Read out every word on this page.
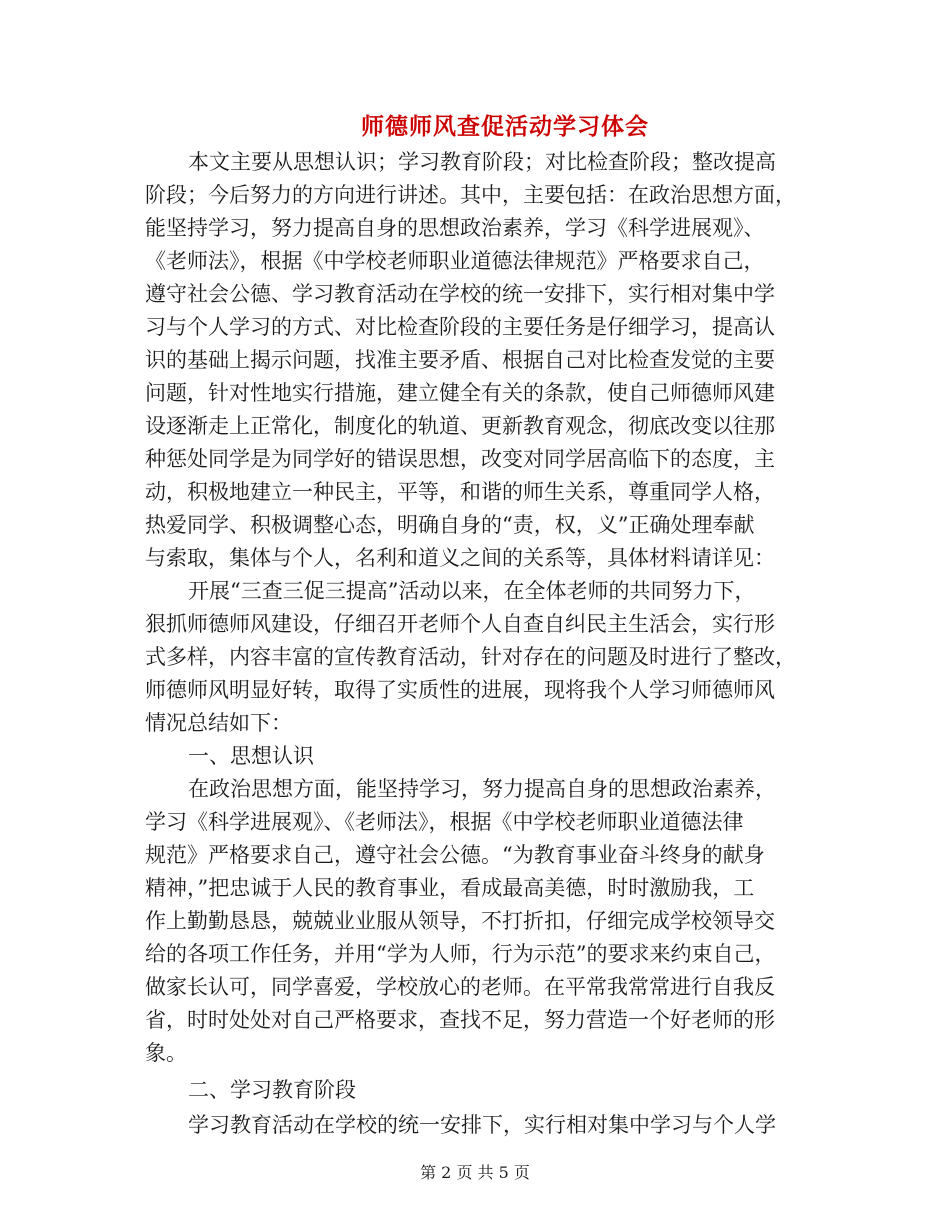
师德师风查促活动学习体会

本文主要从思想认识；学习教育阶段；对比检查阶段；整改提高

阶段；今后努力的方向进行讲述。其中，主要包括：在政治思想方面，

能坚持学习，努力提高自身的思想政治素养，学习《科学进展观》、

《老师法》，根据《中学校老师职业道德法律规范》严格要求自己，

遵守社会公德、学习教育活动在学校的统一安排下，实行相对集中学

习与个人学习的方式、对比检查阶段的主要任务是仔细学习，提高认

识的基础上揭示问题，找准主要矛盾、根据自己对比检查发觉的主要

问题，针对性地实行措施，建立健全有关的条款，使自己师德师风建

设逐渐走上正常化，制度化的轨道、更新教育观念，彻底改变以往那

种惩处同学是为同学好的错误思想，改变对同学居高临下的态度，主

动，积极地建立一种民主，平等，和谐的师生关系，尊重同学人格，

热爱同学、积极调整心态，明确自身的“责，权，义”正确处理奉献

与索取，集体与个人，名利和道义之间的关系等，具体材料请详见：

开展“三查三促三提高”活动以来，在全体老师的共同努力下，

狠抓师德师风建设，仔细召开老师个人自查自纠民主生活会，实行形

式多样，内容丰富的宣传教育活动，针对存在的问题及时进行了整改，

师德师风明显好转，取得了实质性的进展，现将我个人学习师德师风

情况总结如下：

一、思想认识

在政治思想方面，能坚持学习，努力提高自身的思想政治素养，

学习《科学进展观》、《老师法》，根据《中学校老师职业道德法律

规范》严格要求自己，遵守社会公德。“为教育事业奋斗终身的献身

精神，”把忠诚于人民的教育事业，看成最高美德，时时激励我，工

作上勤勤恳恳，兢兢业业服从领导，不打折扣，仔细完成学校领导交

给的各项工作任务，并用“学为人师，行为示范”的要求来约束自己，

做家长认可，同学喜爱，学校放心的老师。在平常我常常进行自我反

省，时时处处对自己严格要求，查找不足，努力营造一个好老师的形

象。

二、学习教育阶段

学习教育活动在学校的统一安排下，实行相对集中学习与个人学

第 2 页 共 5 页
